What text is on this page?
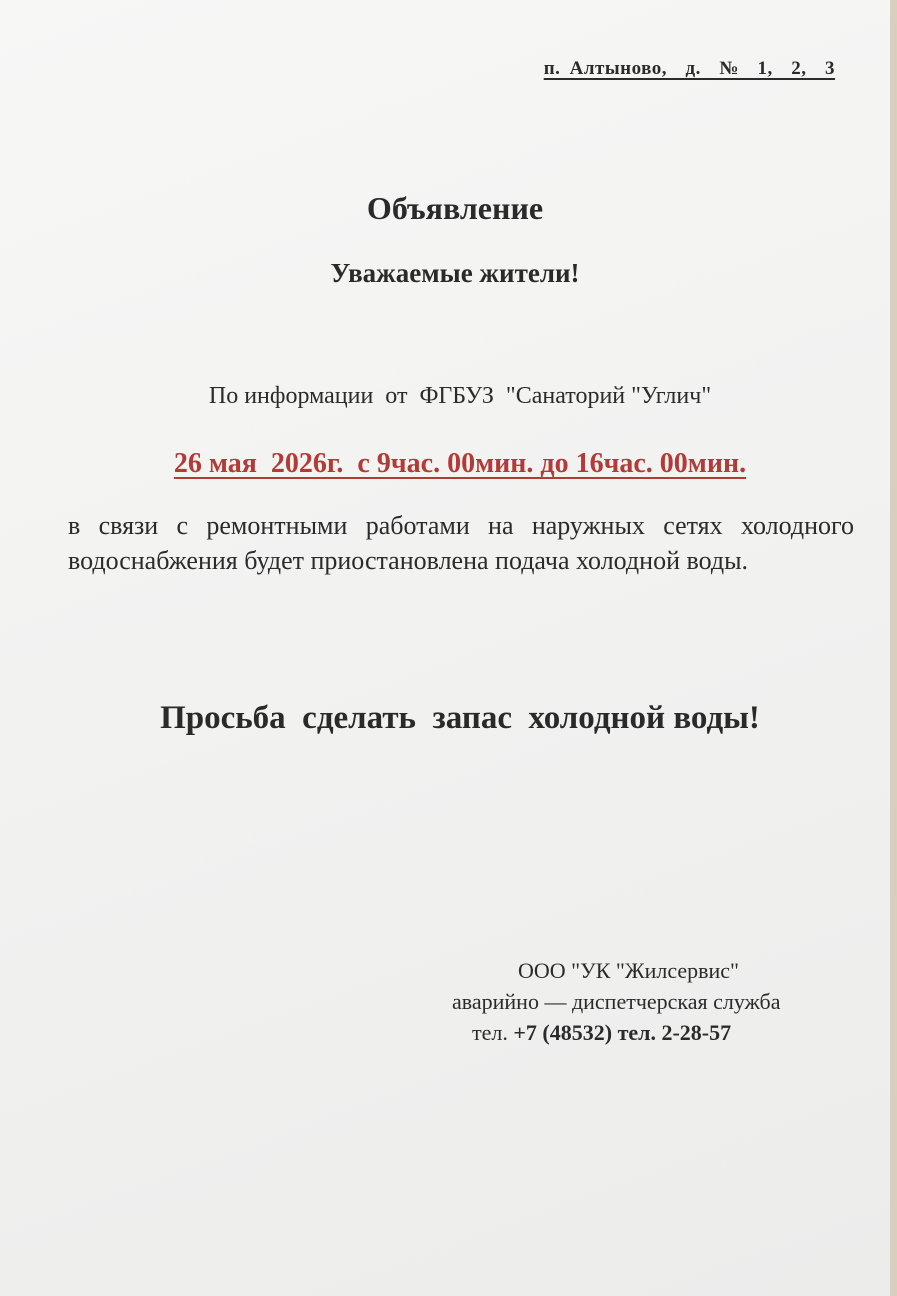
п. Алтыново,  д.  №  1,  2,  3
Объявление
Уважаемые жители!
По информации  от  ФГБУЗ  "Санаторий "Углич"
26 мая  2026г.  с 9час. 00мин. до 16час. 00мин.
в связи с ремонтными работами на наружных сетях холодного водоснабжения будет приостановлена подача холодной воды.
Просьба  сделать  запас  холодной воды!
ООО "УК "Жилсервис"
аварийно — диспетчерская служба
тел. +7 (48532) тел. 2-28-57
